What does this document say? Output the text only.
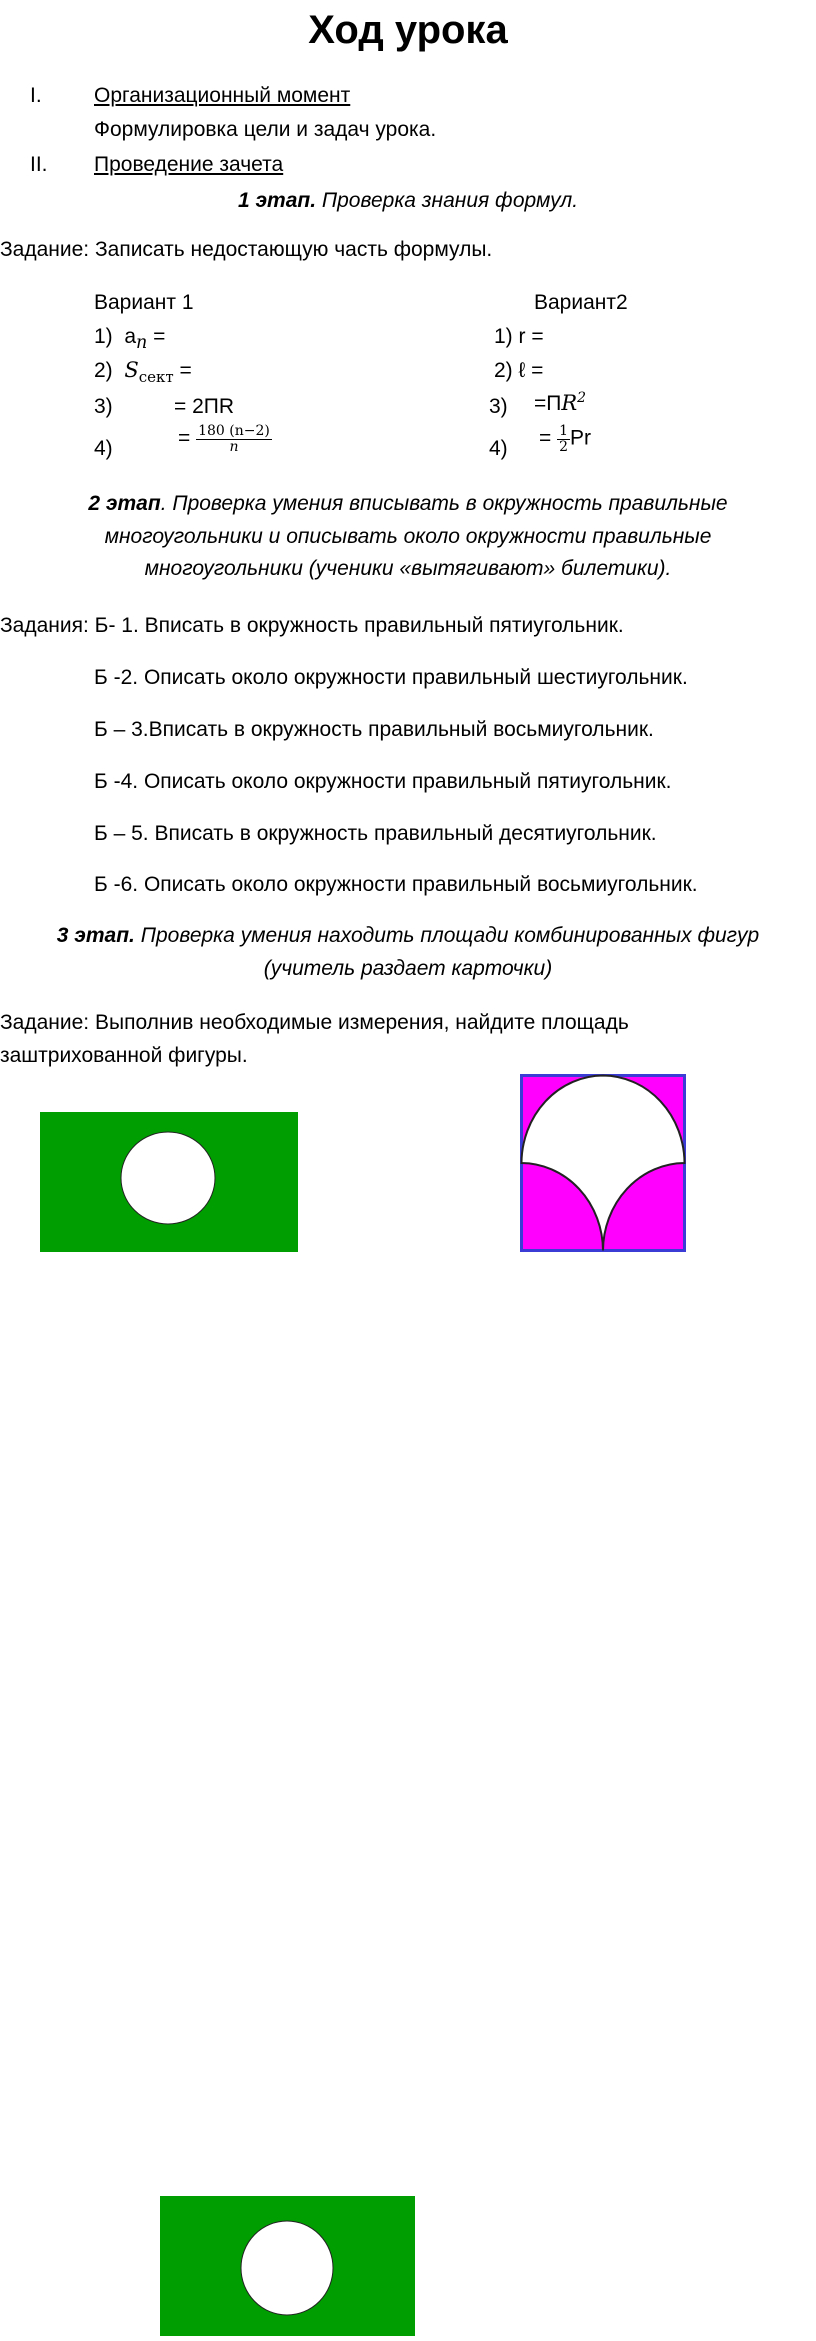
Ход урока
I. Организационный момент
Формулировка цели и задач урока.
II. Проведение зачета
1 этап. Проверка знания формул.
Задание: Записать недостающую часть формулы.
Вариант 1
1) $а_n$ =
2) $S_{сект}$ =
3)	= 2ПR
4)	= $\frac{180 (n-2)}{n}$
Вариант2
1) r =
2) ℓ =
$3) =ПR^2$
$4) = \frac{1}{2}$ Pr
2 этап. Проверка умения вписывать в окружность правильные многоугольники и описывать около окружности правильные многоугольники (ученики «вытягивают» билетики).
Задания: Б- 1. Вписать в окружность правильный пятиугольник.
Б -2. Описать около окружности правильный шестиугольник.
Б – 3.Вписать в окружность правильный восьмиугольник.
Б -4. Описать около окружности правильный пятиугольник.
Б – 5. Вписать в окружность правильный десятиугольник.
Б -6. Описать около окружности правильный восьмиугольник.
3 этап. Проверка умения находить площади комбинированных фигур (учитель раздает карточки)
Задание: Выполнив необходимые измерения, найдите площадь
заштрихованной фигуры.
